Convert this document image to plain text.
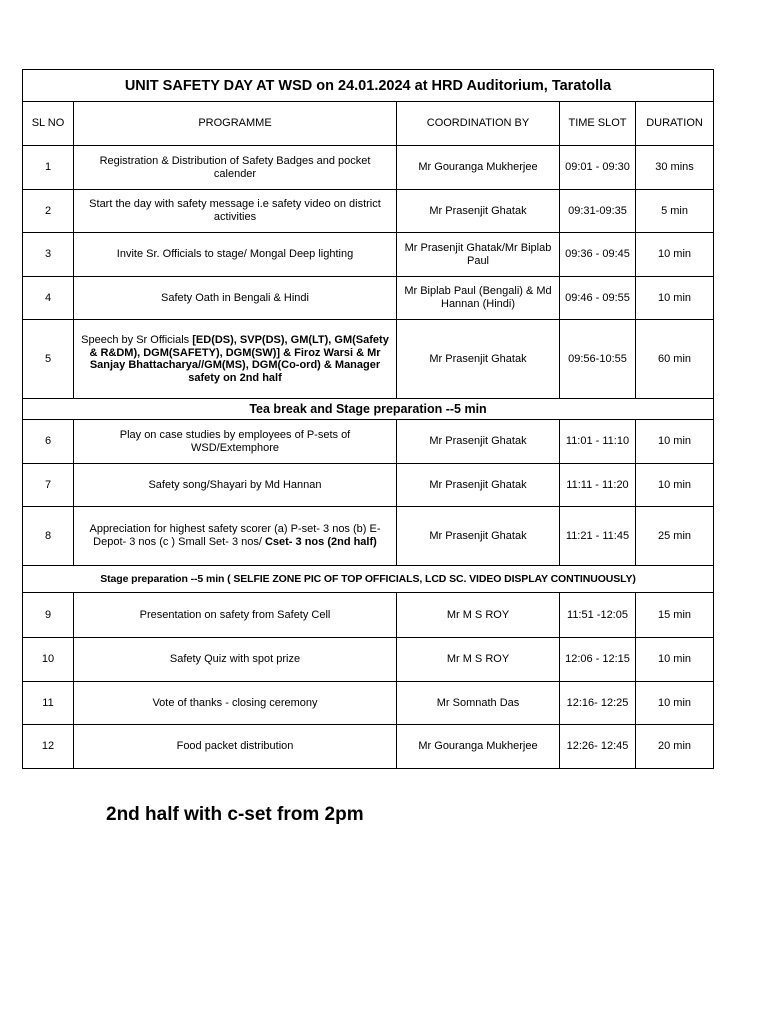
UNIT SAFETY DAY AT WSD on 24.01.2024 at HRD Auditorium, Taratolla				
SL NO	PROGRAMME	COORDINATION BY	TIME SLOT	DURATION
1	Registration & Distribution of Safety Badges and pocket calender	Mr Gouranga Mukherjee	09:01 - 09:30	30 mins
2	Start the day with safety message i.e safety video on district activities	Mr Prasenjit Ghatak	09:31-09:35	5 min
3	Invite Sr. Officials to stage/ Mongal Deep lighting	Mr Prasenjit Ghatak/Mr Biplab Paul	09:36 - 09:45	10 min
4	Safety Oath in Bengali & Hindi	Mr Biplab Paul (Bengali) & Md Hannan (Hindi)	09:46 - 09:55	10 min
5	Speech by Sr Officials [ED(DS), SVP(DS), GM(LT), GM(Safety & R&DM), DGM(SAFETY), DGM(SW)] & Firoz Warsi & Mr Sanjay Bhattacharya//GM(MS), DGM(Co-ord) & Manager safety on 2nd half	Mr Prasenjit Ghatak	09:56-10:55	60 min
Tea break and Stage preparation --5 min				
6	Play on case studies by employees of P-sets of WSD/Extemphore	Mr Prasenjit Ghatak	11:01 - 11:10	10 min
7	Safety song/Shayari by Md Hannan	Mr Prasenjit Ghatak	11:11 - 11:20	10 min
8	Appreciation for highest safety scorer (a) P-set- 3 nos (b) E-Depot- 3 nos (c ) Small Set- 3 nos/ Cset- 3 nos (2nd half)	Mr Prasenjit Ghatak	11:21 - 11:45	25 min
Stage preparation --5 min ( SELFIE ZONE PIC OF TOP OFFICIALS, LCD SC. VIDEO DISPLAY CONTINUOUSLY)				
9	Presentation on safety from Safety Cell	Mr M S ROY	11:51 -12:05	15 min
10	Safety Quiz with spot prize	Mr M S ROY	12:06 - 12:15	10 min
11	Vote of thanks - closing ceremony	Mr Somnath Das	12:16- 12:25	10 min
12	Food packet distribution	Mr Gouranga Mukherjee	12:26- 12:45	20 min
2nd half with c-set from 2pm
